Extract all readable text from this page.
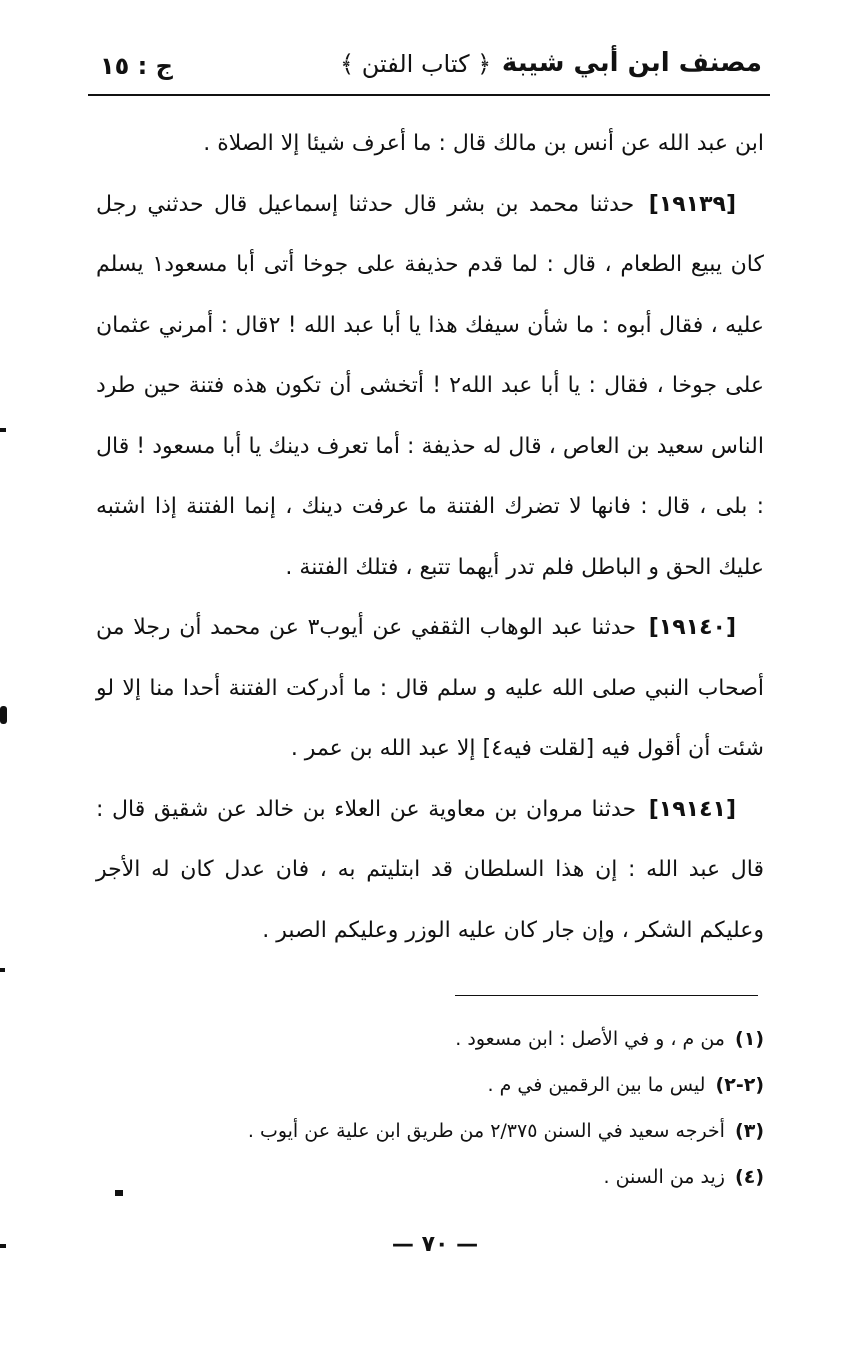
مصنف ابن أبي شيبة
﴿ كتاب الفتن ﴾
ج : ١٥

ابن عبد الله عن أنس بن مالك قال : ما أعرف شيئا إلا الصلاة .

[١٩١٣٩] حدثنا محمد بن بشر قال حدثنا إسماعيل قال حدثني رجل كان يبيع الطعام ، قال : لما قدم حذيفة على جوخا أتى أبا مسعود١ يسلم عليه ، فقال أبوه : ما شأن سيفك هذا يا أبا عبد الله ! ٢قال : أمرني عثمان على جوخا ، فقال : يا أبا عبد الله٢ ! أتخشى أن تكون هذه فتنة حين طرد الناس سعيد بن العاص ، قال له حذيفة : أما تعرف دينك يا أبا مسعود ! قال : بلى ، قال : فانها لا تضرك الفتنة ما عرفت دينك ، إنما الفتنة إذا اشتبه عليك الحق و الباطل فلم تدر أيهما تتبع ، فتلك الفتنة .

[١٩١٤٠] حدثنا عبد الوهاب الثقفي عن أيوب٣ عن محمد أن رجلا من أصحاب النبي صلى الله عليه و سلم قال : ما أدركت الفتنة أحدا منا إلا لو شئت أن أقول فيه [لقلت فيه٤] إلا عبد الله بن عمر .

[١٩١٤١] حدثنا مروان بن معاوية عن العلاء بن خالد عن شقيق قال : قال عبد الله : إن هذا السلطان قد ابتليتم به ، فان عدل كان له الأجر وعليكم الشكر ، وإن جار كان عليه الوزر وعليكم الصبر .

(١) من م ، و في الأصل : ابن مسعود .
(٢-٢) ليس ما بين الرقمين في م .
(٣) أخرجه سعيد في السنن ٢/٣٧٥ من طريق ابن علية عن أيوب .
(٤) زيد من السنن .
— ٧٠ —
